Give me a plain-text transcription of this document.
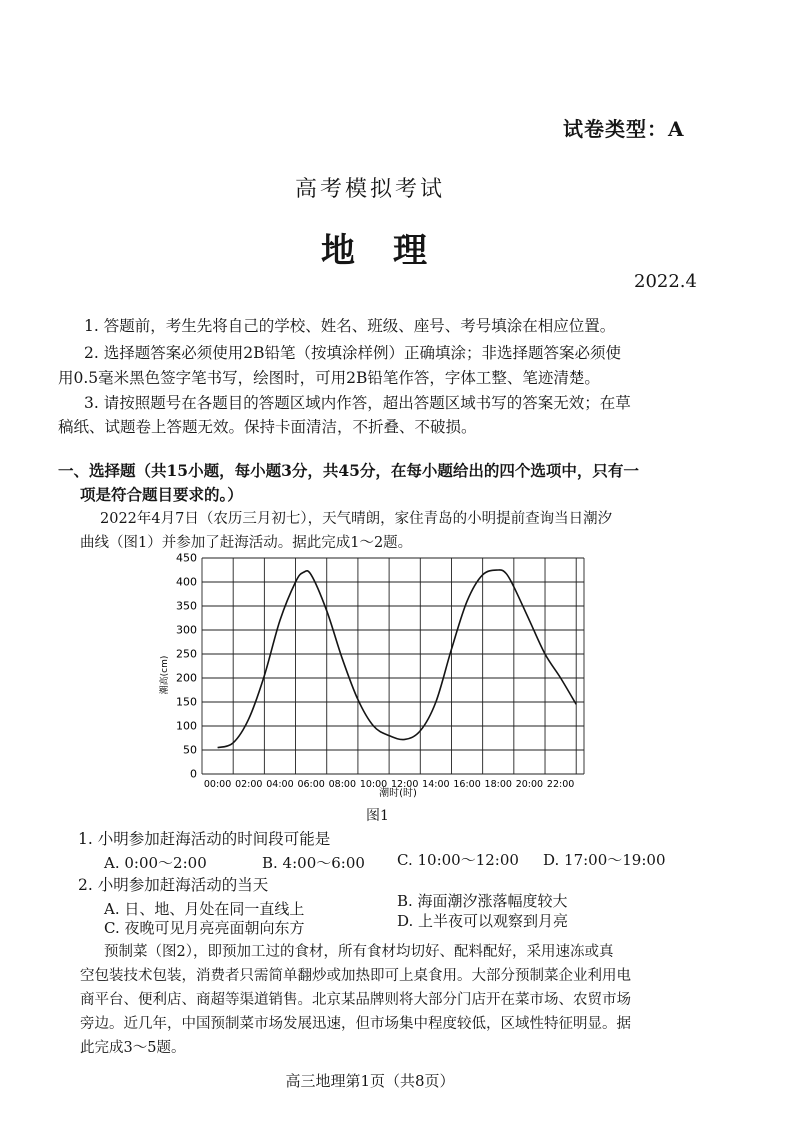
试卷类型：A
高考模拟考试
地　理
2022.4
1. 答题前，考生先将自己的学校、姓名、班级、座号、考号填涂在相应位置。
2. 选择题答案必须使用2B铅笔（按填涂样例）正确填涂；非选择题答案必须使
用0.5毫米黑色签字笔书写，绘图时，可用2B铅笔作答，字体工整、笔迹清楚。
3. 请按照题号在各题目的答题区域内作答，超出答题区域书写的答案无效；在草
稿纸、试题卷上答题无效。保持卡面清洁，不折叠、不破损。
一、选择题（共15小题，每小题3分，共45分，在每小题给出的四个选项中，只有一
项是符合题目要求的。）
2022年4月7日（农历三月初七），天气晴朗，家住青岛的小明提前查询当日潮汐
曲线（图1）并参加了赶海活动。据此完成1～2题。
0
50
100
150
200
250
300
350
400
450
00:00 02:00 04:00 06:00 08:00 10:00 12:00 14:00 16:00 18:00 20:00 22:00
潮高(cm)
潮时(时)
图1
1. 小明参加赶海活动的时间段可能是
A. 0:00～2:00	B. 4:00～6:00 C. 10:00～12:00 D. 17:00～19:00
2. 小明参加赶海活动的当天
A. 日、地、月处在同一直线上	B. 海面潮汐涨落幅度较大
C. 夜晚可见月亮亮面朝向东方	D. 上半夜可以观察到月亮
预制菜（图2），即预加工过的食材，所有食材均切好、配料配好，采用速冻或真
空包装技术包装，消费者只需简单翻炒或加热即可上桌食用。大部分预制菜企业利用电
商平台、便利店、商超等渠道销售。北京某品牌则将大部分门店开在菜市场、农贸市场
旁边。近几年，中国预制菜市场发展迅速，但市场集中程度较低，区域性特征明显。据
此完成3～5题。
高三地理第1页（共8页）
